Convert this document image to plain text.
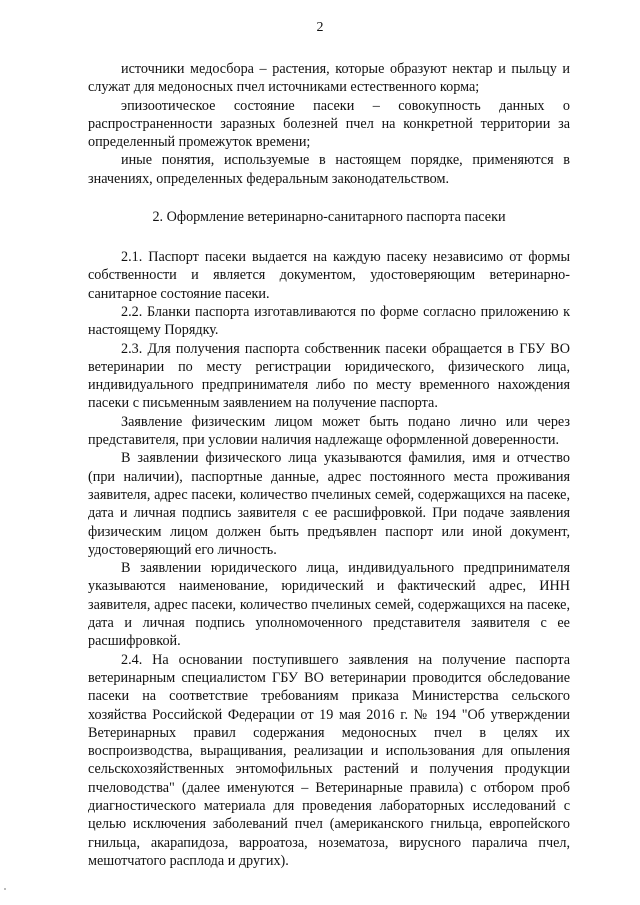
2

источники медосбора – растения, которые образуют нектар и пыльцу и служат для медоносных пчел источниками естественного корма;

эпизоотическое состояние пасеки – совокупность данных о распространенности заразных болезней пчел на конкретной территории за определенный промежуток времени;

иные понятия, используемые в настоящем порядке, применяются в значениях, определенных федеральным законодательством.

2. Оформление ветеринарно-санитарного паспорта пасеки

2.1. Паспорт пасеки выдается на каждую пасеку независимо от формы собственности и является документом, удостоверяющим ветеринарно-санитарное состояние пасеки.

2.2. Бланки паспорта изготавливаются по форме согласно приложению к настоящему Порядку.

2.3. Для получения паспорта собственник пасеки обращается в ГБУ ВО ветеринарии по месту регистрации юридического, физического лица, индивидуального предпринимателя либо по месту временного нахождения пасеки с письменным заявлением на получение паспорта.

Заявление физическим лицом может быть подано лично или через представителя, при условии наличия надлежаще оформленной доверенности.

В заявлении физического лица указываются фамилия, имя и отчество (при наличии), паспортные данные, адрес постоянного места проживания заявителя, адрес пасеки, количество пчелиных семей, содержащихся на пасеке, дата и личная подпись заявителя с ее расшифровкой. При подаче заявления физическим лицом должен быть предъявлен паспорт или иной документ, удостоверяющий его личность.

В заявлении юридического лица, индивидуального предпринимателя указываются наименование, юридический и фактический адрес, ИНН заявителя, адрес пасеки, количество пчелиных семей, содержащихся на пасеке, дата и личная подпись уполномоченного представителя заявителя с ее расшифровкой.

2.4. На основании поступившего заявления на получение паспорта ветеринарным специалистом ГБУ ВО ветеринарии проводится обследование пасеки на соответствие требованиям приказа Министерства сельского хозяйства Российской Федерации от 19 мая 2016 г. № 194 "Об утверждении Ветеринарных правил содержания медоносных пчел в целях их воспроизводства, выращивания, реализации и использования для опыления сельскохозяйственных энтомофильных растений и получения продукции пчеловодства" (далее именуются – Ветеринарные правила) с отбором проб диагностического материала для проведения лабораторных исследований с целью исключения заболеваний пчел (американского гнильца, европейского гнильца, акарапидоза, варроатоза, нозематоза, вирусного паралича пчел, мешотчатого расплода и других).
